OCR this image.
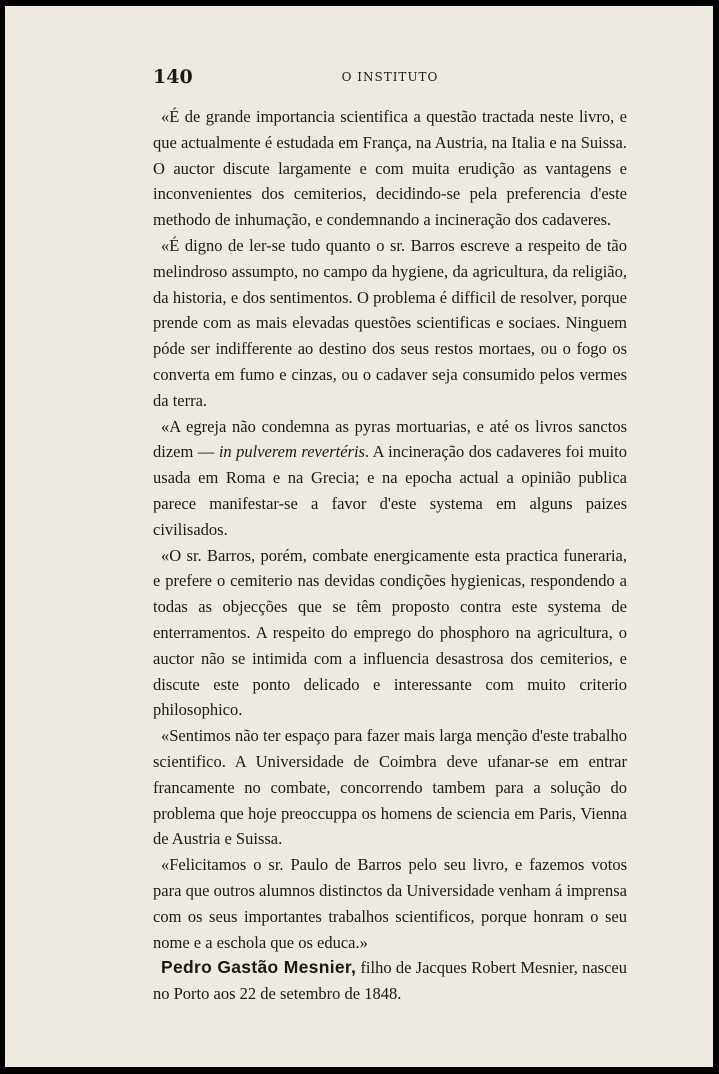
140	O INSTITUTO

«É de grande importancia scientifica a questão tractada neste livro, e que actualmente é estudada em França, na Austria, na Italia e na Suissa. O auctor discute largamente e com muita erudição as vantagens e inconvenientes dos cemiterios, decidindo-se pela preferencia d'este methodo de inhumação, e condemnando a incineração dos cadaveres.

«É digno de ler-se tudo quanto o sr. Barros escreve a respeito de tão melindroso assumpto, no campo da hygiene, da agricultura, da religião, da historia, e dos sentimentos. O problema é difficil de resolver, porque prende com as mais elevadas questões scientificas e sociaes. Ninguem póde ser indifferente ao destino dos seus restos mortaes, ou o fogo os converta em fumo e cinzas, ou o cadaver seja consumido pelos vermes da terra.

«A egreja não condemna as pyras mortuarias, e até os livros sanctos dizem — in pulverem revertéris. A incineração dos cadaveres foi muito usada em Roma e na Grecia; e na epocha actual a opinião publica parece manifestar-se a favor d'este systema em alguns paizes civilisados.

«O sr. Barros, porém, combate energicamente esta practica funeraria, e prefere o cemiterio nas devidas condições hygienicas, respondendo a todas as objecções que se têm proposto contra este systema de enterramentos. A respeito do emprego do phosphoro na agricultura, o auctor não se intimida com a influencia desastrosa dos cemiterios, e discute este ponto delicado e interessante com muito criterio philosophico.

«Sentimos não ter espaço para fazer mais larga menção d'este trabalho scientifico. A Universidade de Coimbra deve ufanar-se em entrar francamente no combate, concorrendo tambem para a solução do problema que hoje preoccuppa os homens de sciencia em Paris, Vienna de Austria e Suissa.

«Felicitamos o sr. Paulo de Barros pelo seu livro, e fazemos votos para que outros alumnos distinctos da Universidade venham á imprensa com os seus importantes trabalhos scientificos, porque honram o seu nome e a eschola que os educa.»

Pedro Gastão Mesnier, filho de Jacques Robert Mesnier, nasceu no Porto aos 22 de setembro de 1848.
